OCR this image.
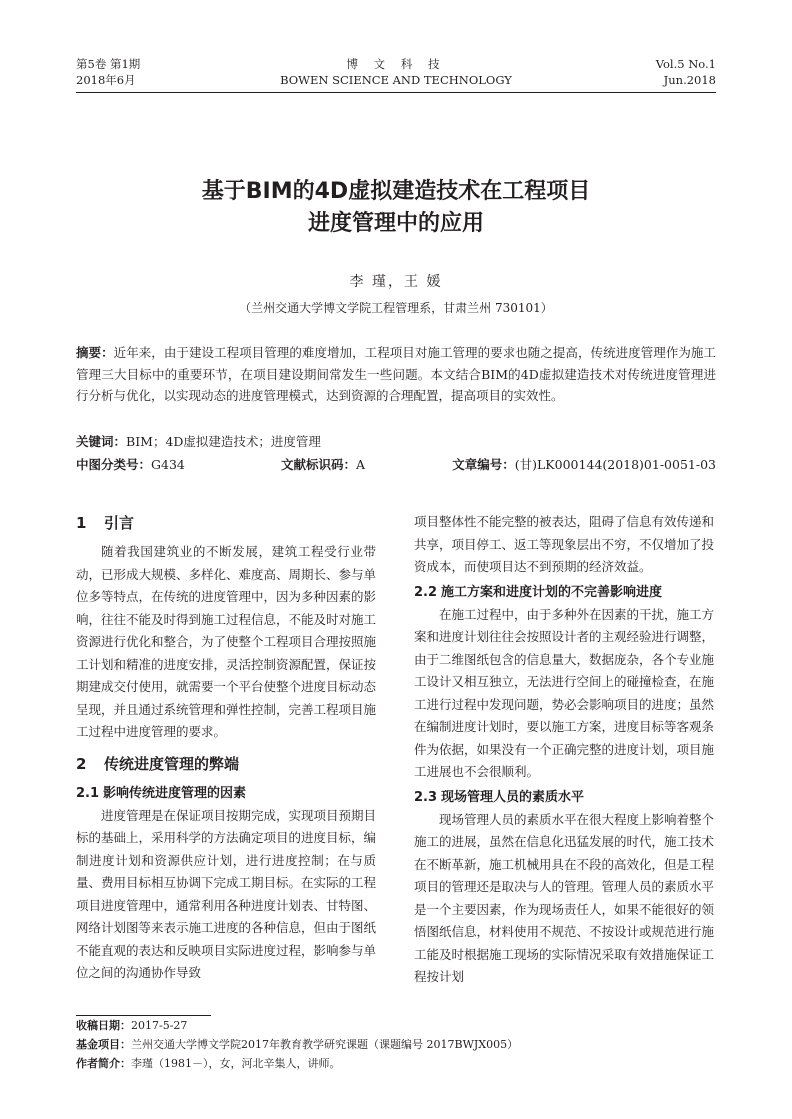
第5卷 第1期
2018年6月
博 文 科 技
BOWEN SCIENCE AND TECHNOLOGY
Vol.5 No.1
Jun.2018
基于BIM的4D虚拟建造技术在工程项目
进度管理中的应用
李 瑾，王 媛
（兰州交通大学博文学院工程管理系，甘肃兰州 730101）
摘要：近年来，由于建设工程项目管理的难度增加，工程项目对施工管理的要求也随之提高，传统进度管理作为施工管理三大目标中的重要环节，在项目建设期间常发生一些问题。本文结合BIM的4D虚拟建造技术对传统进度管理进行分析与优化，以实现动态的进度管理模式，达到资源的合理配置，提高项目的实效性。
关键词：BIM；4D虚拟建造技术；进度管理
中图分类号：G434	文献标识码：A	文章编号：(甘)LK000144(2018)01-0051-03
1 引言

随着我国建筑业的不断发展，建筑工程受行业带动，已形成大规模、多样化、难度高、周期长、参与单位多等特点，在传统的进度管理中，因为多种因素的影响，往往不能及时得到施工过程信息，不能及时对施工资源进行优化和整合，为了使整个工程项目合理按照施工计划和精准的进度安排，灵活控制资源配置，保证按期建成交付使用，就需要一个平台使整个进度目标动态呈现，并且通过系统管理和弹性控制，完善工程项目施工过程中进度管理的要求。

2 传统进度管理的弊端
2.1 影响传统进度管理的因素

进度管理是在保证项目按期完成，实现项目预期目标的基础上，采用科学的方法确定项目的进度目标，编制进度计划和资源供应计划，进行进度控制；在与质量、费用目标相互协调下完成工期目标。在实际的工程项目进度管理中，通常利用各种进度计划表、甘特图、网络计划图等来表示施工进度的各种信息，但由于图纸不能直观的表达和反映项目实际进度过程，影响参与单位之间的沟通协作导致

项目整体性不能完整的被表达，阻碍了信息有效传递和共享，项目停工、返工等现象层出不穷，不仅增加了投资成本，而使项目达不到预期的经济效益。

2.2 施工方案和进度计划的不完善影响进度

在施工过程中，由于多种外在因素的干扰，施工方案和进度计划往往会按照设计者的主观经验进行调整，由于二维图纸包含的信息量大，数据庞杂，各个专业施工设计又相互独立，无法进行空间上的碰撞检查，在施工进行过程中发现问题，势必会影响项目的进度；虽然在编制进度计划时，要以施工方案，进度目标等客观条件为依据，如果没有一个正确完整的进度计划，项目施工进展也不会很顺利。

2.3 现场管理人员的素质水平

现场管理人员的素质水平在很大程度上影响着整个施工的进展，虽然在信息化迅猛发展的时代，施工技术在不断革新，施工机械用具在不段的高效化，但是工程项目的管理还是取决与人的管理。管理人员的素质水平是一个主要因素，作为现场责任人，如果不能很好的领悟图纸信息，材料使用不规范、不按设计或规范进行施工能及时根据施工现场的实际情况采取有效措施保证工程按计划

收稿日期：2017-5-27
基金项目：兰州交通大学博文学院2017年教育教学研究课题（课题编号 2017BWJX005）
作者简介：李瑾（1981－），女，河北辛集人，讲师。
